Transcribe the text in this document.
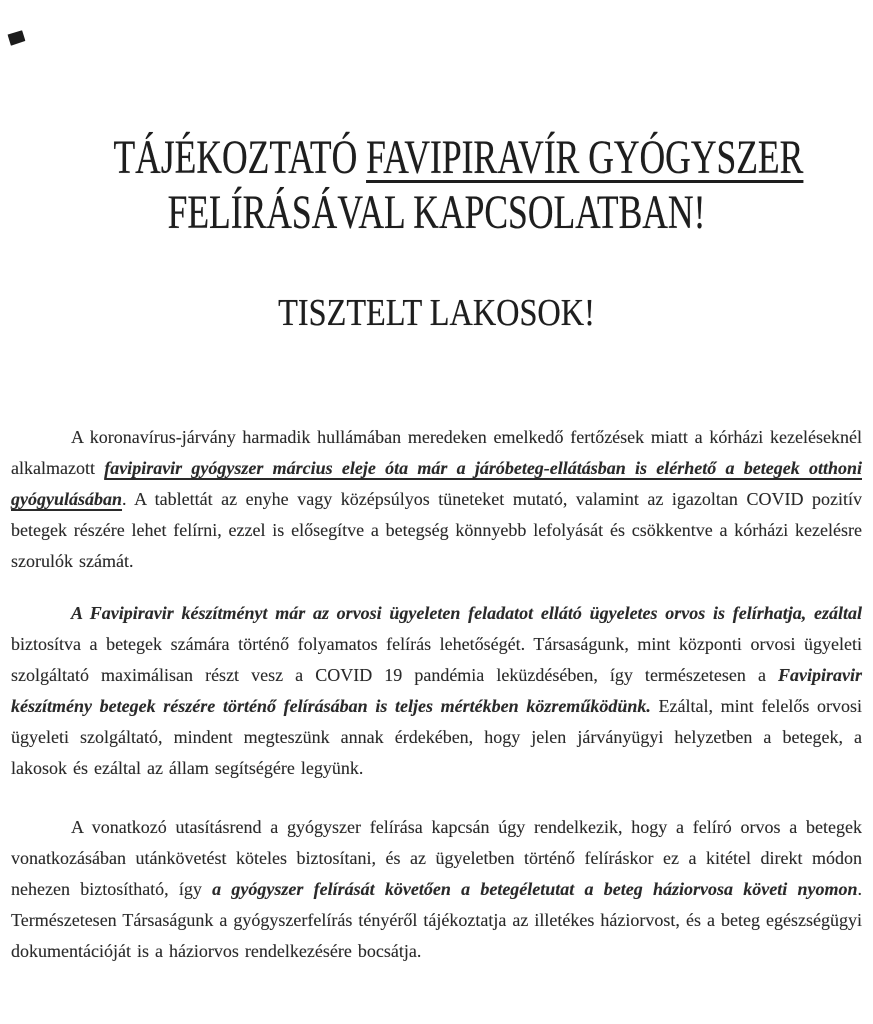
TÁJÉKOZTATÓ FAVIPIRAVÍR GYÓGYSZER
FELÍRÁSÁVAL KAPCSOLATBAN!
TISZTELT LAKOSOK!

A koronavírus-járvány harmadik hullámában meredeken emelkedő fertőzések miatt a kórházi kezeléseknél alkalmazott favipiravir gyógyszer március eleje óta már a járóbeteg-ellátásban is elérhető a betegek otthoni gyógyulásában. A tablettát az enyhe vagy középsúlyos tüneteket mutató, valamint az igazoltan COVID pozitív betegek részére lehet felírni, ezzel is elősegítve a betegség könnyebb lefolyását és csökkentve a kórházi kezelésre szorulók számát.

A Favipiravir készítményt már az orvosi ügyeleten feladatot ellátó ügyeletes orvos is felírhatja, ezáltal biztosítva a betegek számára történő folyamatos felírás lehetőségét. Társaságunk, mint központi orvosi ügyeleti szolgáltató maximálisan részt vesz a COVID 19 pandémia leküzdésében, így természetesen a Favipiravir készítmény betegek részére történő felírásában is teljes mértékben közreműködünk. Ezáltal, mint felelős orvosi ügyeleti szolgáltató, mindent megteszünk annak érdekében, hogy jelen járványügyi helyzetben a betegek, a lakosok és ezáltal az állam segítségére legyünk.

A vonatkozó utasításrend a gyógyszer felírása kapcsán úgy rendelkezik, hogy a felíró orvos a betegek vonatkozásában utánkövetést köteles biztosítani, és az ügyeletben történő felíráskor ez a kitétel direkt módon nehezen biztosítható, így a gyógyszer felírását követően a betegéletutat a beteg háziorvosa követi nyomon. Természetesen Társaságunk a gyógyszerfelírás tényéről tájékoztatja az illetékes háziorvost, és a beteg egészségügyi dokumentációját is a háziorvos rendelkezésére bocsátja.
